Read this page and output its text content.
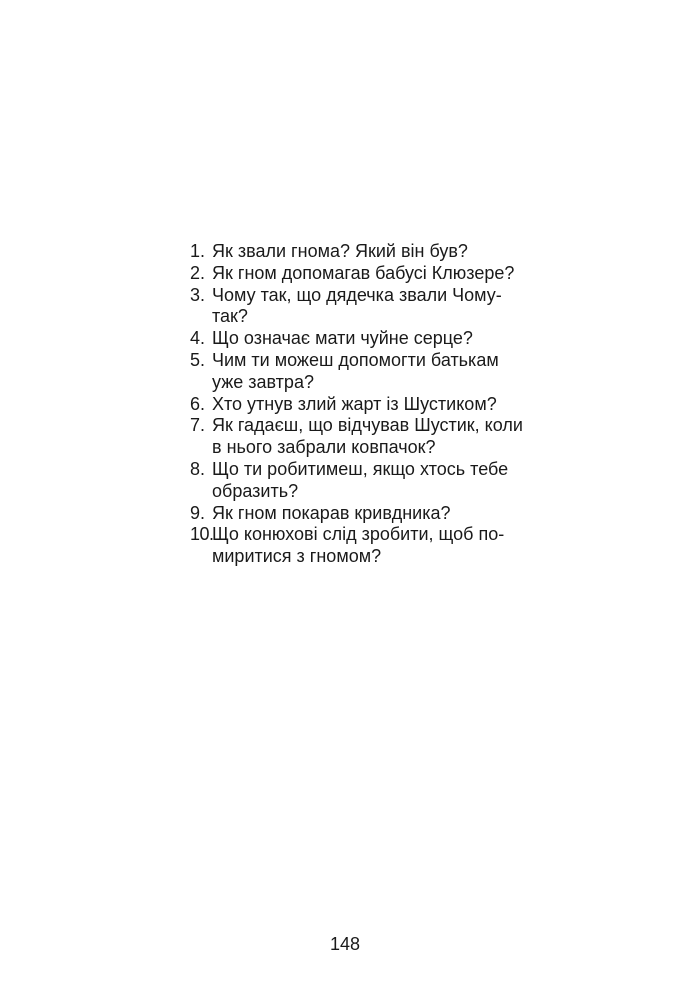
1. Як звали гнома? Який він був?
2. Як гном допомагав бабусі Клюзере?
3. Чому так, що дядечка звали Чому-
так?
4. Що означає мати чуйне серце?
5. Чим ти можеш допомогти батькам
уже завтра?
6. Хто утнув злий жарт із Шустиком?
7. Як гадаєш, що відчував Шустик, коли
в нього забрали ковпачок?
8. Що ти робитимеш, якщо хтось тебе
образить?
9. Як гном покарав кривдника?
10.
Що конюхові слід зробити, щоб по-
миритися з гномом?
148
